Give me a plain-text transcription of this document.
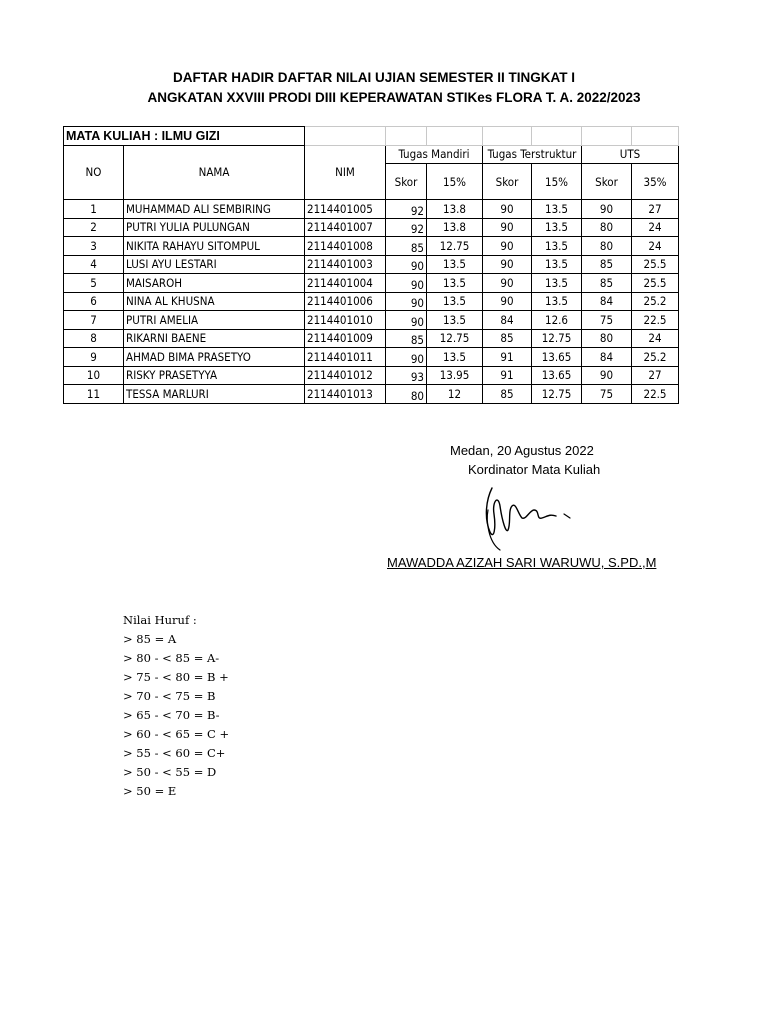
DAFTAR HADIR DAFTAR NILAI UJIAN SEMESTER II TINGKAT I
ANGKATAN XXVIII PRODI DIII KEPERAWATAN STIKes FLORA T. A. 2022/2023
MATA KULIAH : ILMU GIZI								
NO	NAMA	NIM	Tugas Mandiri		Tugas Terstruktur		UTS	
			Skor	15%	Skor	15%	Skor	35%
1	MUHAMMAD ALI SEMBIRING	2114401005	92	13.8	90	13.5	90	27
2	PUTRI YULIA PULUNGAN	2114401007	92	13.8	90	13.5	80	24
3	NIKITA RAHAYU SITOMPUL	2114401008	85	12.75	90	13.5	80	24
4	LUSI AYU LESTARI	2114401003	90	13.5	90	13.5	85	25.5
5	MAISAROH	2114401004	90	13.5	90	13.5	85	25.5
6	NINA AL KHUSNA	2114401006	90	13.5	90	13.5	84	25.2
7	PUTRI AMELIA	2114401010	90	13.5	84	12.6	75	22.5
8	RIKARNI BAENE	2114401009	85	12.75	85	12.75	80	24
9	AHMAD BIMA PRASETYO	2114401011	90	13.5	91	13.65	84	25.2
10	RISKY PRASETYYA	2114401012	93	13.95	91	13.65	90	27
11	TESSA MARLURI	2114401013	80	12	85	12.75	75	22.5
Medan, 20 Agustus 2022
Kordinator Mata Kuliah
MAWADDA AZIZAH SARI WARUWU, S.PD.,M
Nilai Huruf :
> 85 = A
> 80 - < 85 = A-
> 75 - < 80 = B +
> 70 - < 75 = B
> 65 - < 70 = B-
> 60 - < 65 = C +
> 55 - < 60 = C+
> 50 - < 55 = D
> 50 = E
